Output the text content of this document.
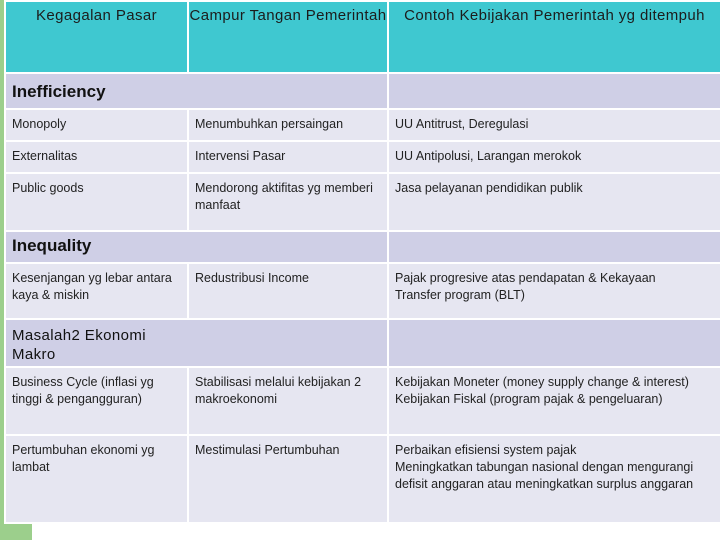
Kegagalan Pasar	Campur Tangan Pemerintah	Contoh Kebijakan Pemerintah yg ditempuh

Inefficiency		

Monopoly	Menumbuhkan persaingan	UU Antitrust, Deregulasi

Externalitas	Intervensi Pasar	UU Antipolusi, Larangan merokok

Public goods	Mendorong aktifitas yg memberi manfaat	Jasa pelayanan pendidikan publik

Inequality		

Kesenjangan yg lebar antara kaya & miskin	Redustribusi Income	Pajak progresive atas pendapatan & Kekayaan
Transfer program (BLT)

Masalah2 Ekonomi Makro		

Business Cycle (inflasi yg tinggi & pengangguran)	Stabilisasi melalui kebijakan 2 makroekonomi	Kebijakan Moneter (money supply change & interest)
Kebijakan Fiskal (program pajak & pengeluaran)

Pertumbuhan ekonomi yg lambat	Mestimulasi Pertumbuhan	Perbaikan efisiensi system pajak
Meningkatkan tabungan nasional dengan mengurangi defisit anggaran atau meningkatkan surplus anggaran
